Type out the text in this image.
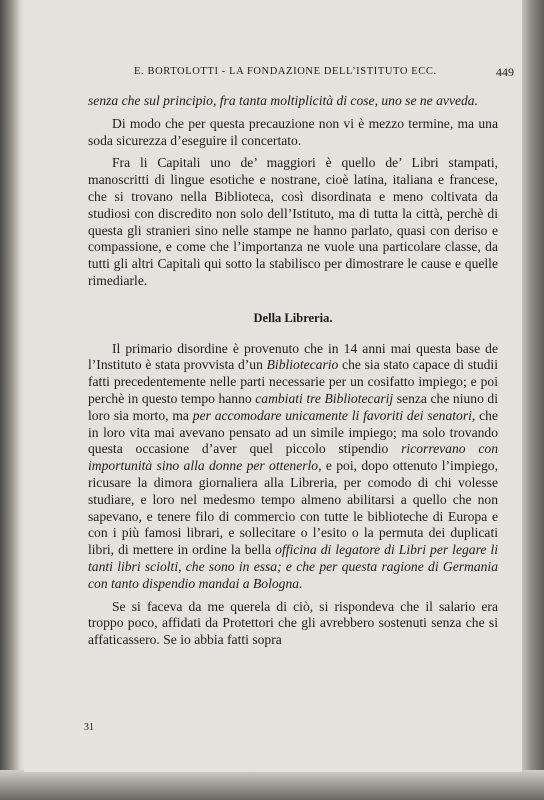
E. BORTOLOTTI - LA FONDAZIONE DELL’ISTITUTO ECC.	449

senza che sul principio, fra tanta moltiplicità di cose, uno se ne avveda.

Di modo che per questa precauzione non vi è mezzo termine, ma una soda sicurezza d’eseguire il concertato.

Fra li Capitali uno de’ maggiori è quello de’ Libri stampati, manoscritti di lingue esotiche e nostrane, cioè latina, italiana e francese, che si trovano nella Biblioteca, così disordinata e meno coltivata da studiosi con discredito non solo dell’Istituto, ma di tutta la città, perchè di questa gli stranieri sino nelle stampe ne hanno parlato, quasi con deriso e compassione, e come che l’importanza ne vuole una particolare classe, da tutti gli altri Capitali qui sotto la stabilisco per dimostrare le cause e quelle rimediarle.

Della Libreria.

Il primario disordine è provenuto che in 14 anni mai questa base de l’Instituto è stata provvista d’un Bibliotecario che sia stato capace di studii fatti precedentemente nelle parti necessarie per un cosifatto impiego; e poi perchè in questo tempo hanno cambiati tre Bibliotecarij senza che niuno di loro sia morto, ma per accomodare unicamente li favoriti dei senatori, che in loro vita mai avevano pensato ad un simile impiego; ma solo trovando questa occasione d’aver quel piccolo stipendio ricorrevano con importunità sino alla donne per ottenerlo, e poi, dopo ottenuto l’impiego, ricusare la dimora giornaliera alla Libreria, per comodo di chi volesse studiare, e loro nel medesmo tempo almeno abilitarsi a quello che non sapevano, e tenere filo di commercio con tutte le biblioteche di Europa e con i più famosi librari, e sollecitare o l’esito o la permuta dei duplicati libri, di mettere in ordine la bella officina di legatore di Libri per legare li tanti libri sciolti, che sono in essa; e che per questa ragione di Germania con tanto dispendio mandai a Bologna.

Se si faceva da me querela di ciò, si rispondeva che il salario era troppo poco, affidati da Protettori che gli avrebbero sostenuti senza che si affaticassero. Se io abbia fatti sopra

31
